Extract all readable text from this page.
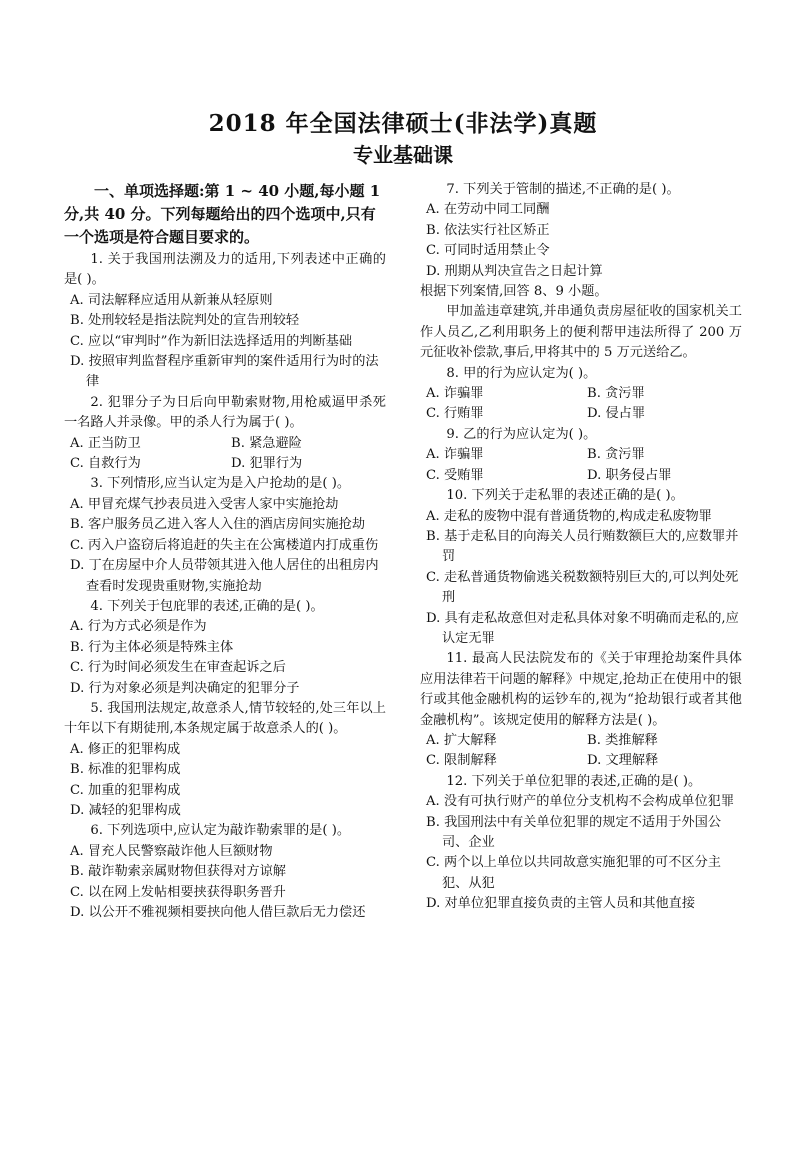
2018 年全国法律硕士(非法学)真题
专业基础课

一、单项选择题:第 1 ~ 40 小题,每小题 1 分,共 40 分。下列每题给出的四个选项中,只有一个选项是符合题目要求的。

1. 关于我国刑法溯及力的适用,下列表述中正确的是( )。

A. 司法解释应适用从新兼从轻原则

B. 处刑较轻是指法院判处的宣告刑较轻

C. 应以“审判时”作为新旧法选择适用的判断基础

D. 按照审判监督程序重新审判的案件适用行为时的法律

2. 犯罪分子为日后向甲勒索财物,用枪威逼甲杀死一名路人并录像。甲的杀人行为属于( )。

A. 正当防卫	B. 紧急避险
C. 自救行为	D. 犯罪行为

3. 下列情形,应当认定为是入户抢劫的是( )。

A. 甲冒充煤气抄表员进入受害人家中实施抢劫

B. 客户服务员乙进入客人入住的酒店房间实施抢劫

C. 丙入户盗窃后将追赶的失主在公寓楼道内打成重伤

D. 丁在房屋中介人员带领其进入他人居住的出租房内查看时发现贵重财物,实施抢劫

4. 下列关于包庇罪的表述,正确的是( )。

A. 行为方式必须是作为

B. 行为主体必须是特殊主体

C. 行为时间必须发生在审查起诉之后

D. 行为对象必须是判决确定的犯罪分子

5. 我国刑法规定,故意杀人,情节较轻的,处三年以上十年以下有期徒刑,本条规定属于故意杀人的( )。

A. 修正的犯罪构成

B. 标准的犯罪构成

C. 加重的犯罪构成

D. 减轻的犯罪构成

6. 下列选项中,应认定为敲诈勒索罪的是( )。

A. 冒充人民警察敲诈他人巨额财物

B. 敲诈勒索亲属财物但获得对方谅解

C. 以在网上发帖相要挟获得职务晋升

D. 以公开不雅视频相要挟向他人借巨款后无力偿还

7. 下列关于管制的描述,不正确的是( )。

A. 在劳动中同工同酬

B. 依法实行社区矫正

C. 可同时适用禁止令

D. 刑期从判决宣告之日起计算

根据下列案情,回答 8、9 小题。

甲加盖违章建筑,并串通负责房屋征收的国家机关工作人员乙,乙利用职务上的便利帮甲违法所得了 200 万元征收补偿款,事后,甲将其中的 5 万元送给乙。

8. 甲的行为应认定为( )。

A. 诈骗罪	B. 贪污罪
C. 行贿罪	D. 侵占罪

9. 乙的行为应认定为( )。

A. 诈骗罪	B. 贪污罪
C. 受贿罪	D. 职务侵占罪

10. 下列关于走私罪的表述正确的是( )。

A. 走私的废物中混有普通货物的,构成走私废物罪

B. 基于走私目的向海关人员行贿数额巨大的,应数罪并罚

C. 走私普通货物偷逃关税数额特别巨大的,可以判处死刑

D. 具有走私故意但对走私具体对象不明确而走私的,应认定无罪

11. 最高人民法院发布的《关于审理抢劫案件具体应用法律若干问题的解释》中规定,抢劫正在使用中的银行或其他金融机构的运钞车的,视为“抢劫银行或者其他金融机构”。该规定使用的解释方法是( )。

A. 扩大解释	B. 类推解释
C. 限制解释	D. 文理解释

12. 下列关于单位犯罪的表述,正确的是( )。

A. 没有可执行财产的单位分支机构不会构成单位犯罪

B. 我国刑法中有关单位犯罪的规定不适用于外国公司、企业

C. 两个以上单位以共同故意实施犯罪的可不区分主犯、从犯

D. 对单位犯罪直接负责的主管人员和其他直接
